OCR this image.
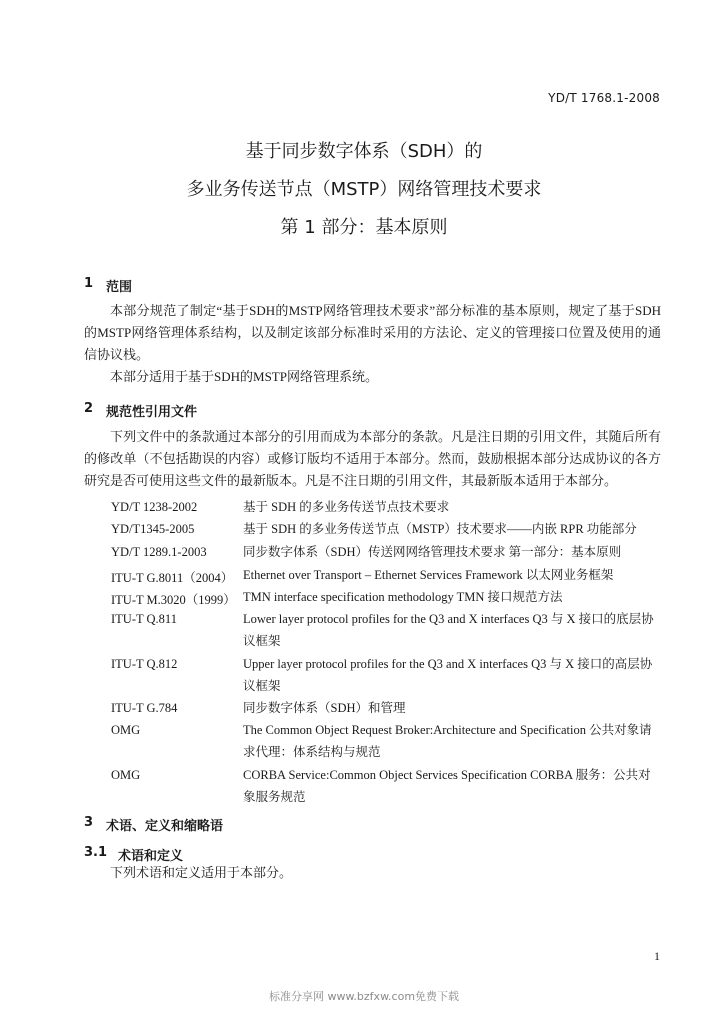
YD/T 1768.1-2008
基于同步数字体系（SDH）的
多业务传送节点（MSTP）网络管理技术要求
第 1 部分：基本原则
1 范围

本部分规范了制定“基于SDH的MSTP网络管理技术要求”部分标准的基本原则，规定了基于SDH的MSTP网络管理体系结构，以及制定该部分标准时采用的方法论、定义的管理接口位置及使用的通信协议栈。

本部分适用于基于SDH的MSTP网络管理系统。

2 规范性引用文件

下列文件中的条款通过本部分的引用而成为本部分的条款。凡是注日期的引用文件，其随后所有的修改单（不包括勘误的内容）或修订版均不适用于本部分。然而，鼓励根据本部分达成协议的各方研究是否可使用这些文件的最新版本。凡是不注日期的引用文件，其最新版本适用于本部分。

YD/T 1238-2002	基于 SDH 的多业务传送节点技术要求
YD/T1345-2005	基于 SDH 的多业务传送节点（MSTP）技术要求——内嵌 RPR 功能部分
YD/T 1289.1-2003	同步数字体系（SDH）传送网网络管理技术要求 第一部分：基本原则
ITU-T G.8011（2004） Ethernet over Transport – Ethernet Services Framework 以太网业务框架
ITU-T M.3020（1999） TMN interface specification methodology TMN 接口规范方法
ITU-T Q.811	Lower layer protocol profiles for the Q3 and X interfaces Q3 与 X 接口的底层协议框架
ITU-T Q.812	Upper layer protocol profiles for the Q3 and X interfaces Q3 与 X 接口的高层协议框架
ITU-T G.784	同步数字体系（SDH）和管理
OMG	The Common Object Request Broker:Architecture and Specification 公共对象请求代理：体系结构与规范
OMG	CORBA Service:Common Object Services Specification CORBA 服务：公共对象服务规范
3 术语、定义和缩略语
3.1 术语和定义

下列术语和定义适用于本部分。

1
标准分享网 www.bzfxw.com免费下载
